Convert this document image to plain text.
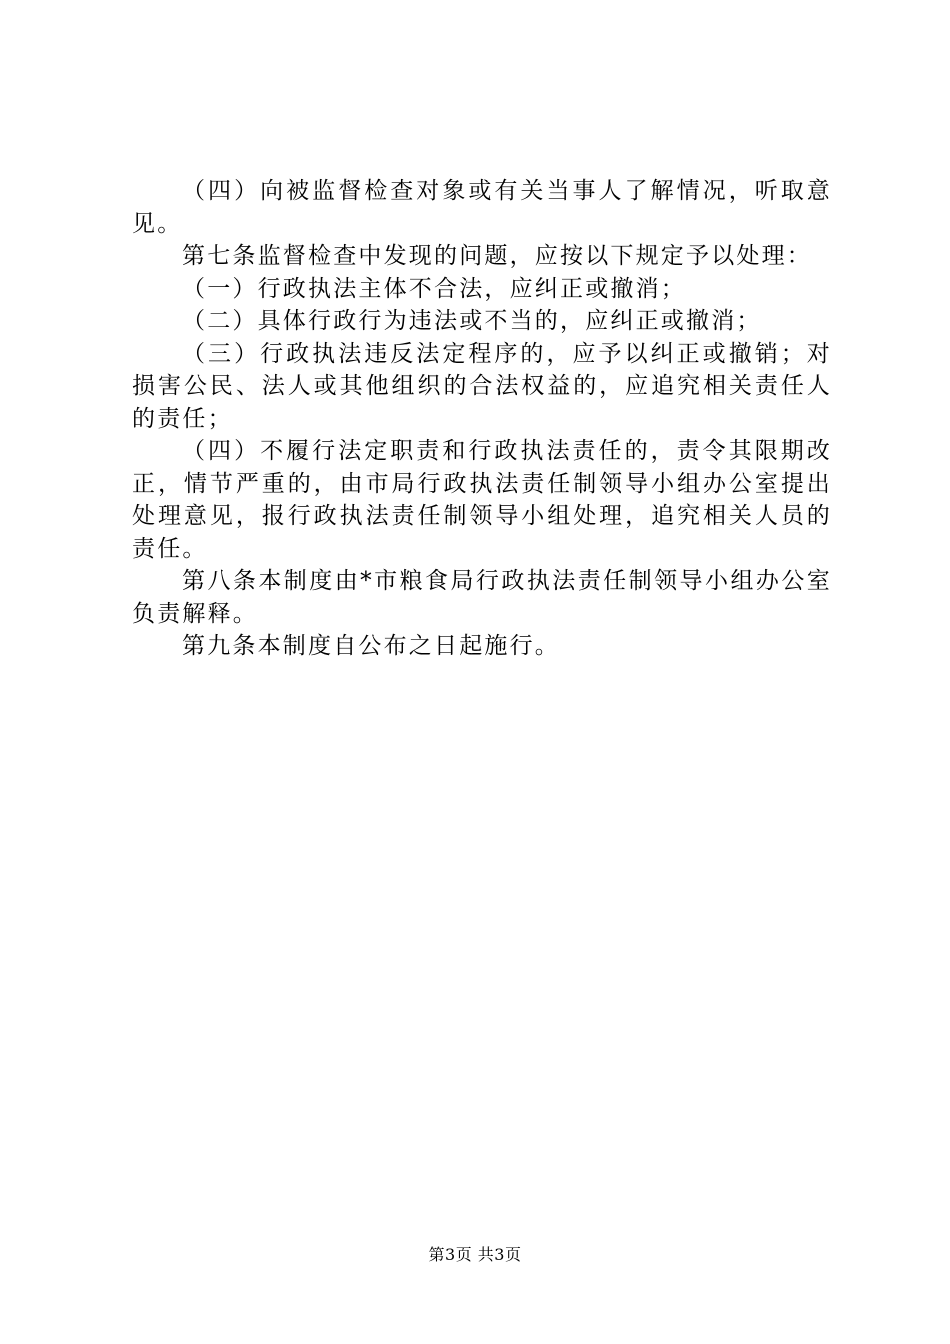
（四）向被监督检查对象或有关当事人了解情况，听取意见。

第七条监督检查中发现的问题，应按以下规定予以处理：

（一）行政执法主体不合法，应纠正或撤消；

（二）具体行政行为违法或不当的，应纠正或撤消；

（三）行政执法违反法定程序的，应予以纠正或撤销；对损害公民、法人或其他组织的合法权益的，应追究相关责任人的责任；

（四）不履行法定职责和行政执法责任的，责令其限期改正，情节严重的，由市局行政执法责任制领导小组办公室提出处理意见，报行政执法责任制领导小组处理，追究相关人员的责任。

第八条本制度由*市粮食局行政执法责任制领导小组办公室负责解释。

第九条本制度自公布之日起施行。

第3页 共3页
